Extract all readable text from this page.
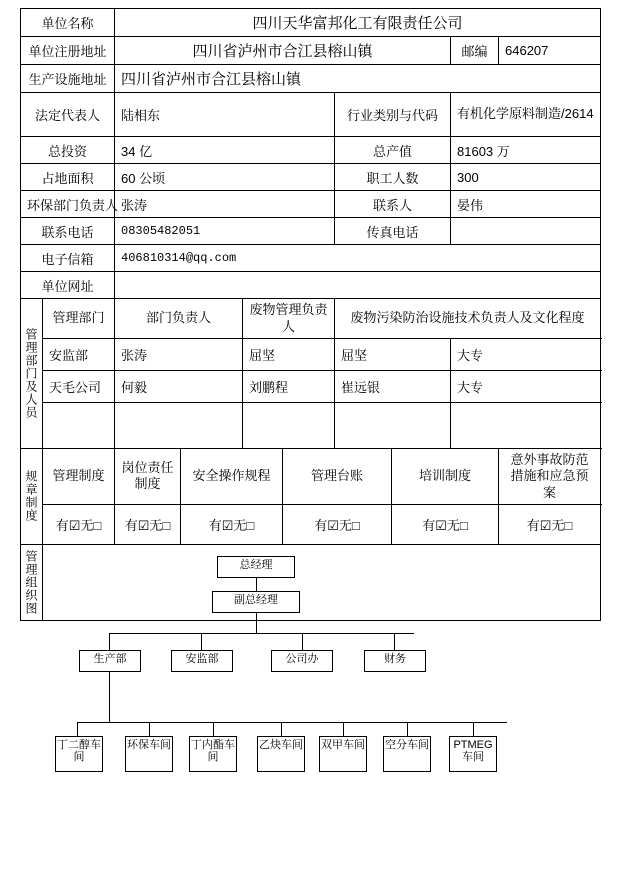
单位名称		四川天华富邦化工有限责任公司							
单位注册地址		四川省泸州市合江县榕山镇						邮编	646207
生产设施地址		四川省泸州市合江县榕山镇							
法定代表人		陆相东				行业类别与代码		有机化学原料制造/2614	
总投资		34 亿				总产值		81603 万	
占地面积		60 公顷				职工人数		300	
环保部门负责人		张涛				联系人		晏伟	
联系电话		08305482051				传真电话			
电子信箱		406810314@qq.com							
单位网址									

管理部门及人员	管理部门	部门负责人		废物管理负责人		废物污染防治设施技术负责人及文化程度			
	安监部	张涛		屈坚		屈坚		大专	
	天毛公司	何毅		刘鹏程		崔远银		大专	

规章制度	管理制度	岗位责任制度	安全操作规程		管理台账		培训制度		意外事故防范措施和应急预案
	有☑无□	有☑无□	有☑无□		有☑无□		有☑无□		有☑无□

管理组织图	总经理
副总经理
生产部	安监部	公司办	财务
丁二醇车间
环保车间 丁内酯车间
乙炔车间 双甲车间 空分车间	PTMEG车间
